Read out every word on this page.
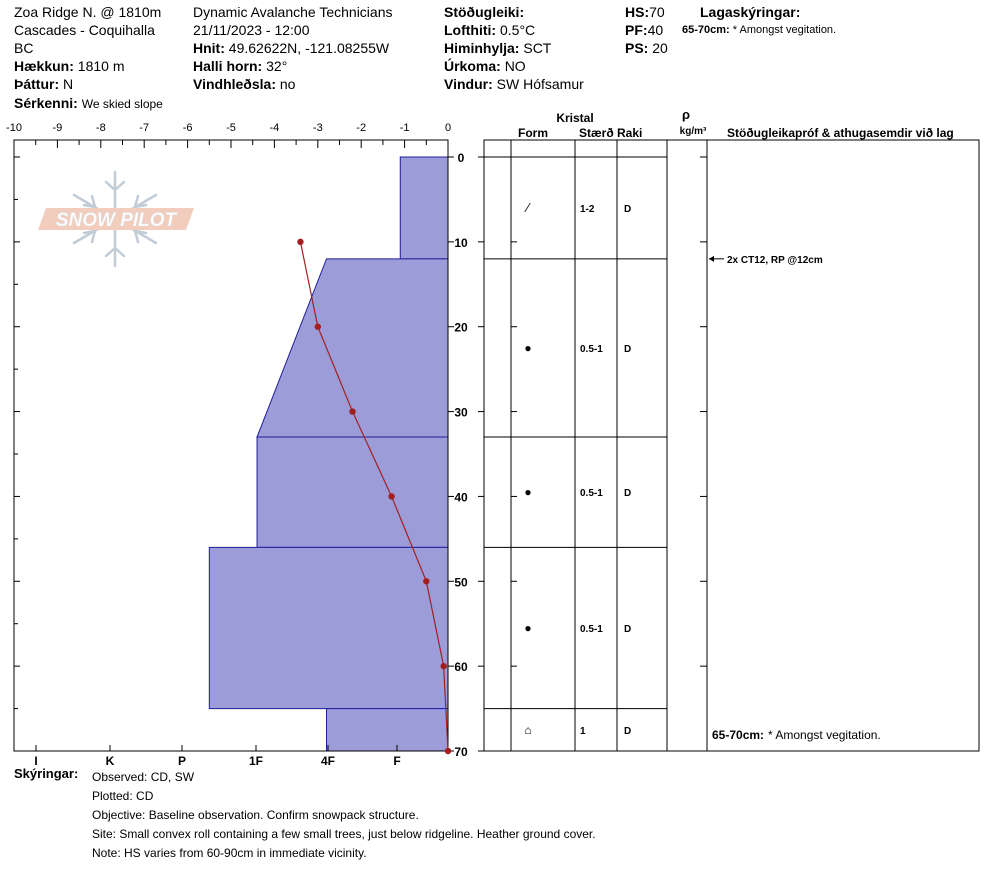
Zoa Ridge N. @ 1810m
Cascades - Coquihalla
BC
Hækkun: 1810 m
Þáttur: N
Sérkenni: We skied slope
Dynamic Avalanche Technicians
21/11/2023 - 12:00
Hnit: 49.62622N, -121.08255W
Halli horn: 32°
Vindhleðsla: no
Stöðugleiki:
Lofthiti: 0.5°C
Himinhylja: SCT
Úrkoma: NO
Vindur: SW Hófsamur
HS:70
PF:40
PS: 20
Lagaskýringar:
65-70cm: * Amongst vegitation.
SNOW PILOT
-10	-9	-8	-7	-6	-5	-4	-3	-2	-1	0
0
10
20
30
40
50
60
70
I	K	P	1F	4F	F
Kristal
Form	Stærð Raki
ρ
kg/m³ Stöðugleikapróf & athugasemdir við lag
⁄	1-2	D
●	0.5-1 D
●	0.5-1 D
●	0.5-1 D
⌂	1	D
2x CT12, RP @12cm
65-70cm: * Amongst vegitation.
Skýringar: Observed: CD, SW
Plotted: CD
Objective: Baseline observation. Confirm snowpack structure.
Site: Small convex roll containing a few small trees, just below ridgeline. Heather ground cover.
Note: HS varies from 60-90cm in immediate vicinity.
